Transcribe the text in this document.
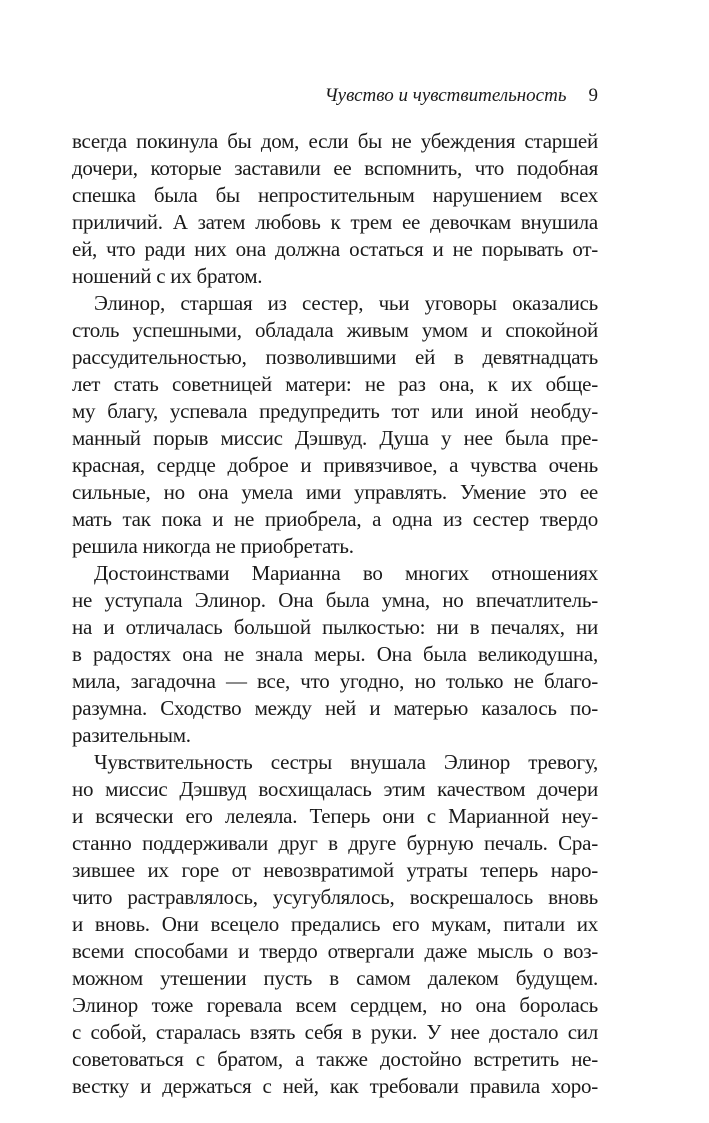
Чувство и чувствительность 9
всегда покинула бы дом, если бы не убеждения старшей
дочери, которые заставили ее вспомнить, что подобная
спешка была бы непростительным нарушением всех
приличий. А затем любовь к трем ее девочкам внушила
ей, что ради них она должна остаться и не порывать от-
ношений с их братом.
Элинор, старшая из сестер, чьи уговоры оказались
столь успешными, обладала живым умом и спокойной
рассудительностью, позволившими ей в девятнадцать
лет стать советницей матери: не раз она, к их обще-
му благу, успевала предупредить тот или иной необду-
манный порыв миссис Дэшвуд. Душа у нее была пре-
красная, сердце доброе и привязчивое, а чувства очень
сильные, но она умела ими управлять. Умение это ее
мать так пока и не приобрела, а одна из сестер твердо
решила никогда не приобретать.
Достоинствами Марианна во многих отношениях
не уступала Элинор. Она была умна, но впечатлитель-
на и отличалась большой пылкостью: ни в печалях, ни
в радостях она не знала меры. Она была великодушна,
мила, загадочна — все, что угодно, но только не благо-
разумна. Сходство между ней и матерью казалось по-
разительным.
Чувствительность сестры внушала Элинор тревогу,
но миссис Дэшвуд восхищалась этим качеством дочери
и всячески его лелеяла. Теперь они с Марианной неу-
станно поддерживали друг в друге бурную печаль. Сра-
зившее их горе от невозвратимой утраты теперь наро-
чито растравлялось, усугублялось, воскрешалось вновь
и вновь. Они всецело предались его мукам, питали их
всеми способами и твердо отвергали даже мысль о воз-
можном утешении пусть в самом далеком будущем.
Элинор тоже горевала всем сердцем, но она боролась
с собой, старалась взять себя в руки. У нее достало сил
советоваться с братом, а также достойно встретить не-
вестку и держаться с ней, как требовали правила хоро-
